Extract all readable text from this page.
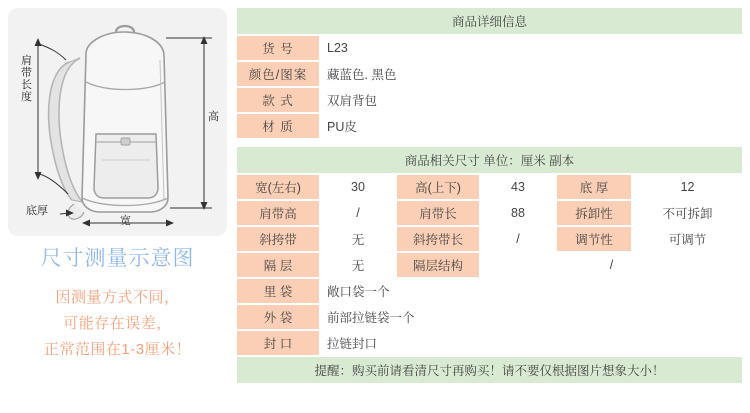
肩带长度
高
底厚
宽
尺寸测量示意图
因测量方式不同，
可能存在误差，
正常范围在1-3厘米！
商品详细信息					
货 号	L23				
颜色/图案	藏蓝色. 黑色				
款 式	双肩背包				
材 质	PU皮				

商品相关尺寸 单位：厘米 副本					
宽(左右)	30	高(上下)	43	底 厚	12
肩带高	/	肩带长	88	拆卸性	不可拆卸
斜挎带	无	斜挎带长	/	调节性	可调节
隔 层	无	隔层结构	/		
里 袋	敞口袋一个				
外 袋	前部拉链袋一个				
封 口	拉链封口				
提醒：购买前请看清尺寸再购买！请不要仅根据图片想象大小！					
